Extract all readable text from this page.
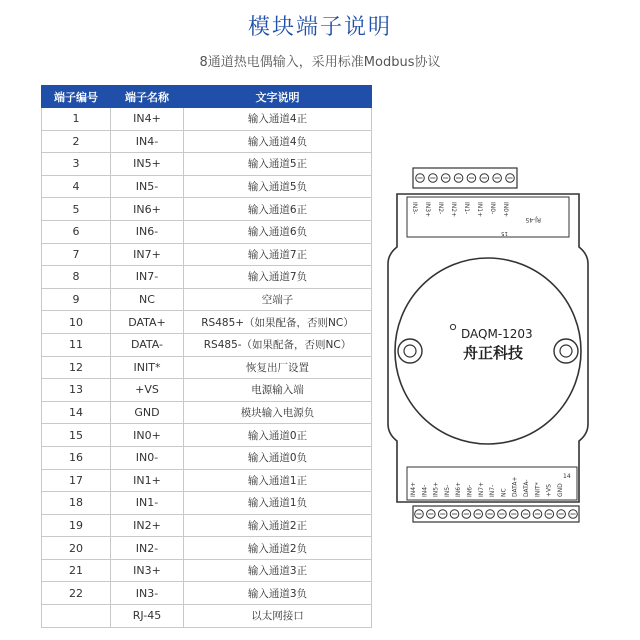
模块端子说明
8通道热电偶输入，采用标准Modbus协议
端子编号	端子名称	文字说明
1	IN4+	输入通道4正
2	IN4-	输入通道4负
3	IN5+	输入通道5正
4	IN5-	输入通道5负
5	IN6+	输入通道6正
6	IN6-	输入通道6负
7	IN7+	输入通道7正
8	IN7-	输入通道7负
9	NC	空端子
10	DATA+	RS485+（如果配备，否则NC）
11	DATA-	RS485-（如果配备，否则NC）
12	INIT*	恢复出厂设置
13	+VS	电源输入端
14	GND	模块输入电源负
15	IN0+	输入通道0正
16	IN0-	输入通道0负
17	IN1+	输入通道1正
18	IN1-	输入通道1负
19	IN2+	输入通道2正
20	IN2-	输入通道2负
21	IN3+	输入通道3正
22	IN3-	输入通道3负
	RJ-45	以太网接口
IN3- IN3+ IN2- IN2+ IN1- IN1+ IN0- IN0+
15
RJ-45
DAQM-1203
舟正科技
IN4+ IN4- IN5+ IN5- IN6+ IN6- IN7+ IN7- NC DATA+ DATA- INIT* +VS GND
14
